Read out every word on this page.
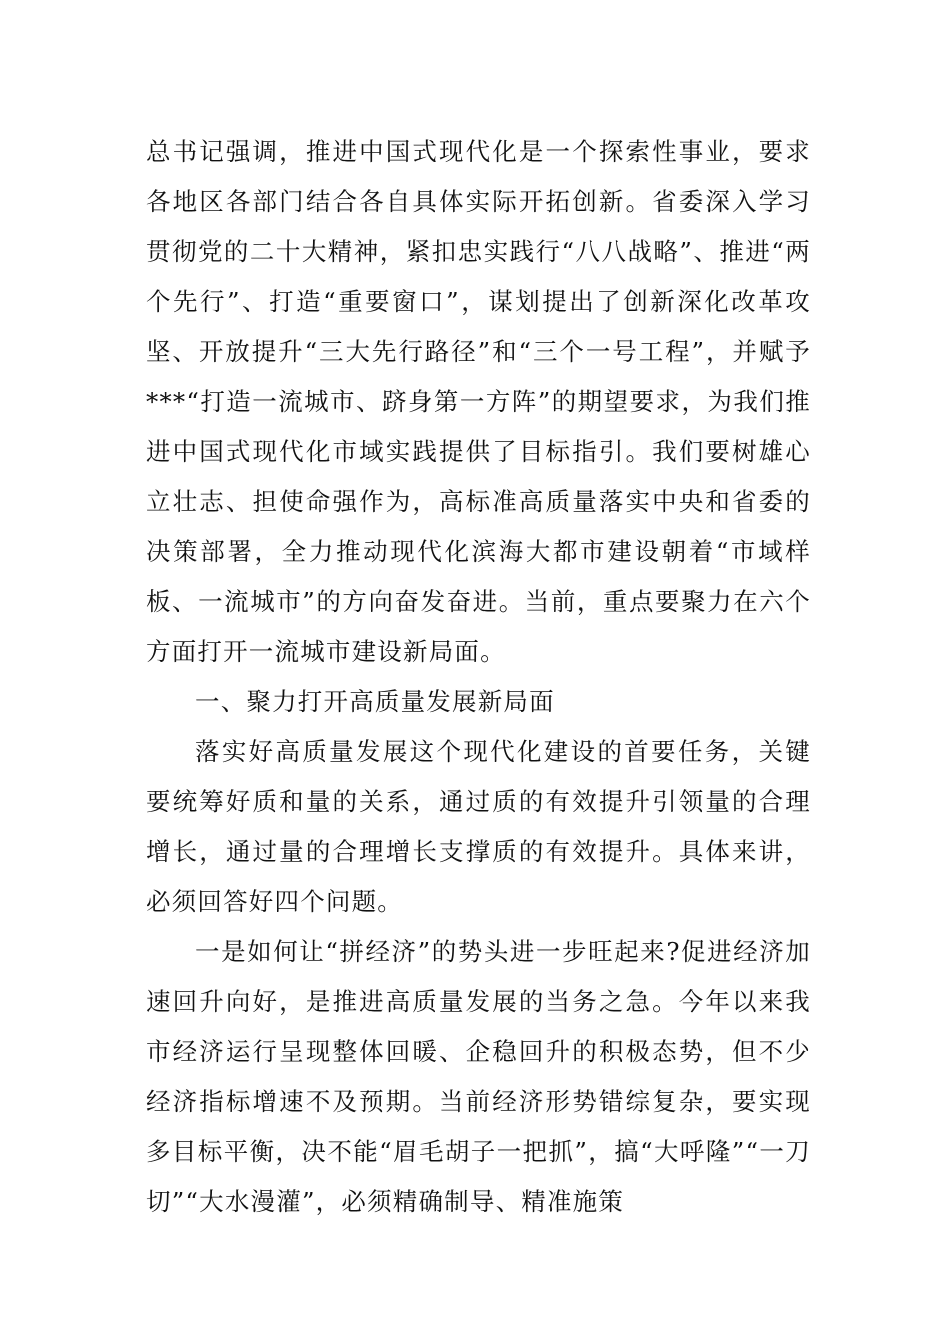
总书记强调，推进中国式现代化是一个探索性事业，要求各地区各部门结合各自具体实际开拓创新。省委深入学习贯彻党的二十大精神，紧扣忠实践行“八八战略”、推进“两个先行”、打造“重要窗口”，谋划提出了创新深化改革攻坚、开放提升“三大先行路径”和“三个一号工程”，并赋予***“打造一流城市、跻身第一方阵”的期望要求，为我们推进中国式现代化市域实践提供了目标指引。我们要树雄心立壮志、担使命强作为，高标准高质量落实中央和省委的决策部署，全力推动现代化滨海大都市建设朝着“市域样板、一流城市”的方向奋发奋进。当前，重点要聚力在六个方面打开一流城市建设新局面。

一、聚力打开高质量发展新局面

落实好高质量发展这个现代化建设的首要任务，关键要统筹好质和量的关系，通过质的有效提升引领量的合理增长，通过量的合理增长支撑质的有效提升。具体来讲，必须回答好四个问题。

一是如何让“拼经济”的势头进一步旺起来?促进经济加速回升向好，是推进高质量发展的当务之急。今年以来我市经济运行呈现整体回暖、企稳回升的积极态势，但不少经济指标增速不及预期。当前经济形势错综复杂，要实现多目标平衡，决不能“眉毛胡子一把抓”，搞“大呼隆”“一刀切”“大水漫灌”，必须精确制导、精准施策
